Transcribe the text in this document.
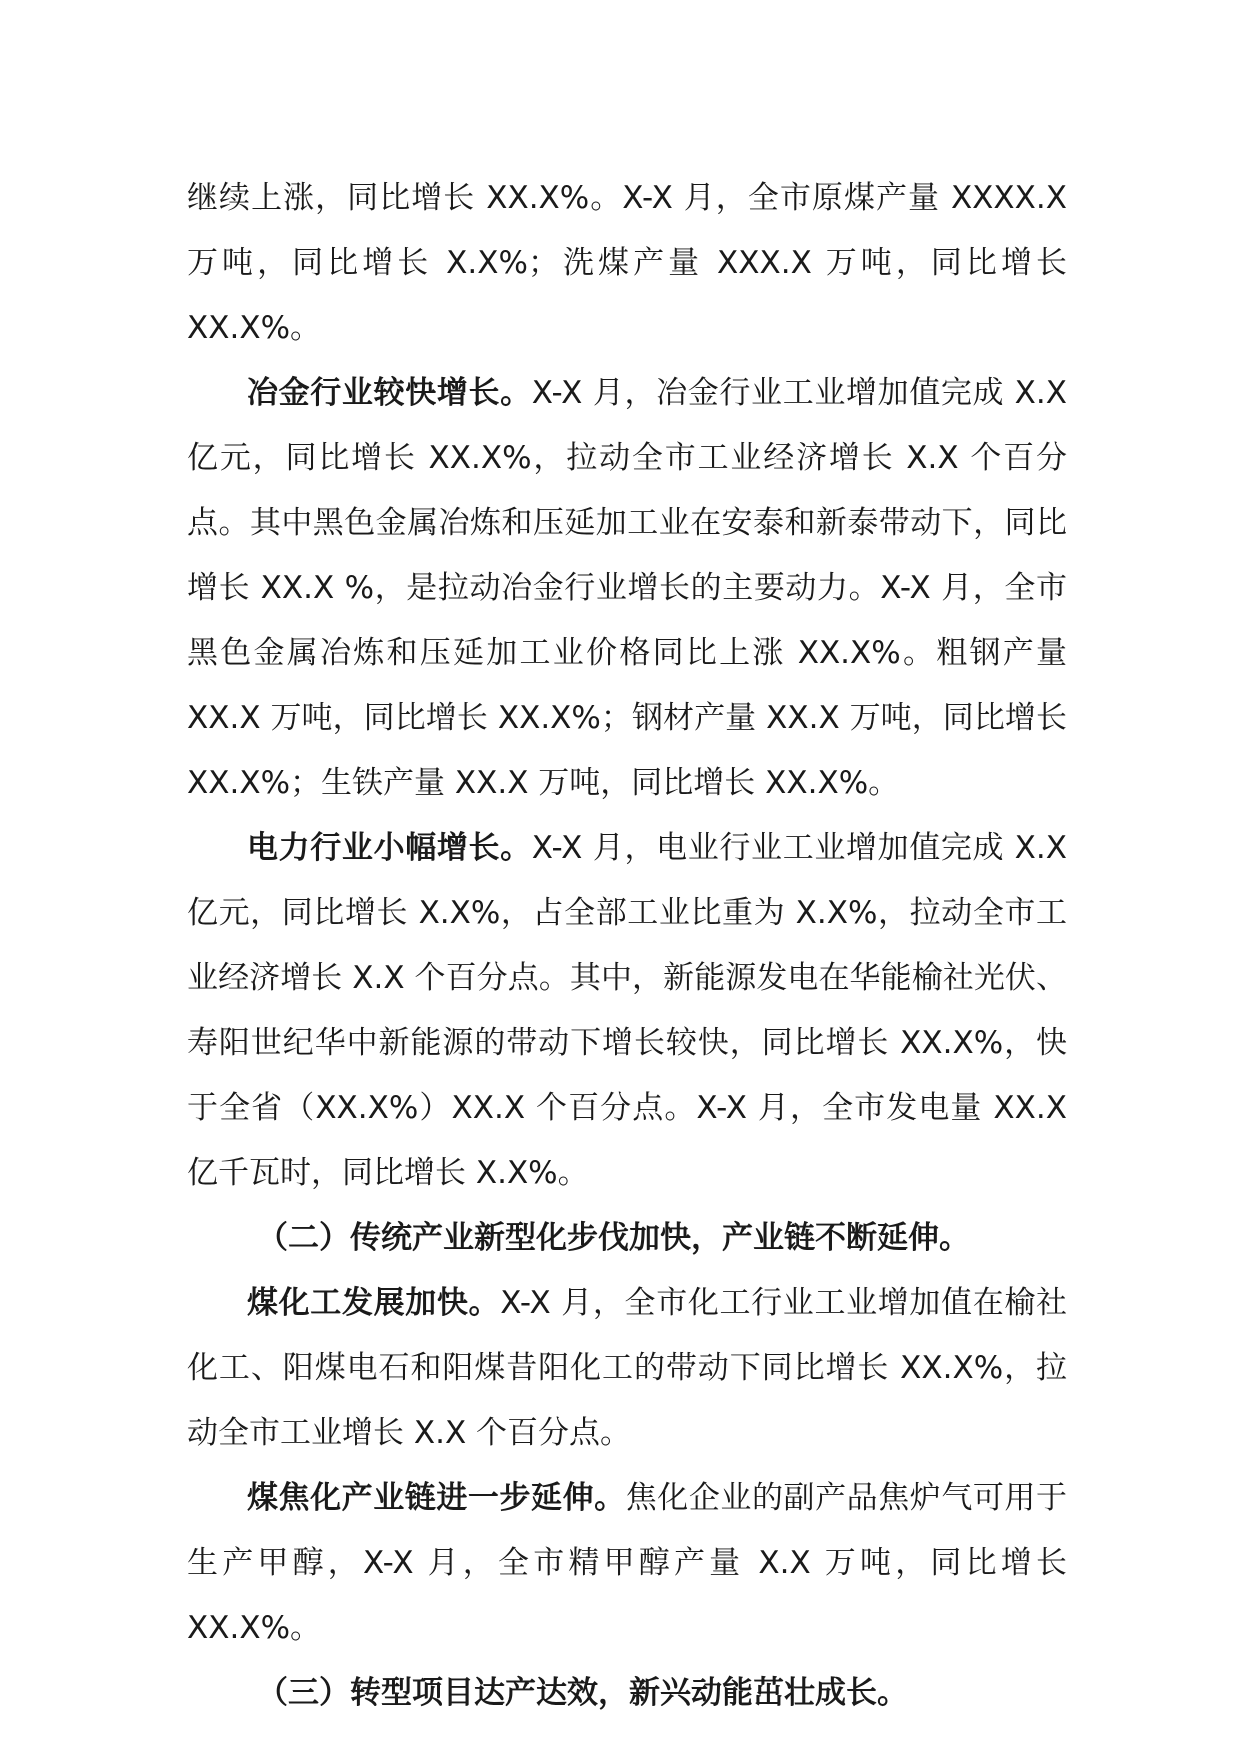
继续上涨，同比增长 XX.X%。X-X 月，全市原煤产量 XXXX.X 万吨，同比增长 X.X%；洗煤产量 XXX.X 万吨，同比增长 XX.X%。

冶金行业较快增长。X-X 月，冶金行业工业增加值完成 X.X 亿元，同比增长 XX.X%，拉动全市工业经济增长 X.X 个百分点。其中黑色金属冶炼和压延加工业在安泰和新泰带动下，同比增长 XX.X %，是拉动冶金行业增长的主要动力。X-X 月，全市黑色金属冶炼和压延加工业价格同比上涨 XX.X%。粗钢产量 XX.X 万吨，同比增长 XX.X%；钢材产量 XX.X 万吨，同比增长 XX.X%；生铁产量 XX.X 万吨，同比增长 XX.X%。

电力行业小幅增长。X-X 月，电业行业工业增加值完成 X.X 亿元，同比增长 X.X%，占全部工业比重为 X.X%，拉动全市工业经济增长 X.X 个百分点。其中，新能源发电在华能榆社光伏、寿阳世纪华中新能源的带动下增长较快，同比增长 XX.X%，快于全省（XX.X%）XX.X 个百分点。X-X 月，全市发电量 XX.X 亿千瓦时，同比增长 X.X%。

（二）传统产业新型化步伐加快，产业链不断延伸。

煤化工发展加快。X-X 月，全市化工行业工业增加值在榆社化工、阳煤电石和阳煤昔阳化工的带动下同比增长 XX.X%，拉动全市工业增长 X.X 个百分点。

煤焦化产业链进一步延伸。焦化企业的副产品焦炉气可用于生产甲醇，X-X 月，全市精甲醇产量 X.X 万吨，同比增长 XX.X%。

（三）转型项目达产达效，新兴动能茁壮成长。
